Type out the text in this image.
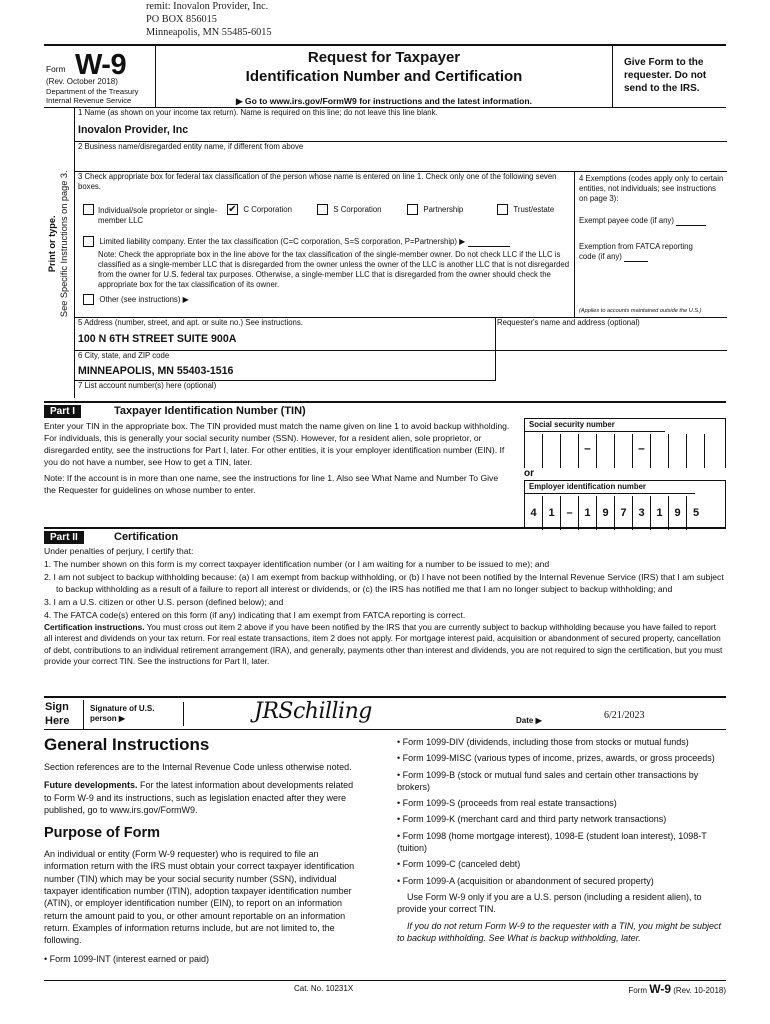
remit: Inovalon Provider, Inc.
PO BOX 856015
Minneapolis, MN 55485-6015
Form W-9
(Rev. October 2018)
Department of the Treasury
Internal Revenue Service
Request for Taxpayer
Identification Number and Certification
▶ Go to www.irs.gov/FormW9 for instructions and the latest information.
Give Form to the requester. Do not send to the IRS.
Print or type. See Specific Instructions on page 3.
1 Name (as shown on your income tax return). Name is required on this line; do not leave this line blank.
Inovalon Provider, Inc
2 Business name/disregarded entity name, if different from above
3 Check appropriate box for federal tax classification of the person whose name is entered on line 1. Check only one of the following seven boxes.
Individual/sole proprietor or single-member LLC
✔ C Corporation	S Corporation	Partnership	Trust/estate
Limited liability company. Enter the tax classification (C=C corporation, S=S corporation, P=Partnership) ▶
Note: Check the appropriate box in the line above for the tax classification of the single-member owner. Do not check LLC if the LLC is classified as a single-member LLC that is disregarded from the owner unless the owner of the LLC is another LLC that is not disregarded from the owner for U.S. federal tax purposes. Otherwise, a single-member LLC that is disregarded from the owner should check the appropriate box for the tax classification of its owner.
Other (see instructions) ▶
4 Exemptions (codes apply only to certain entities, not individuals; see instructions on page 3):
Exempt payee code (if any)
Exemption from FATCA reporting code (if any)
(Applies to accounts maintained outside the U.S.)
5 Address (number, street, and apt. or suite no.) See instructions.
100 N 6TH STREET SUITE 900A
Requester's name and address (optional)
6 City, state, and ZIP code
MINNEAPOLIS, MN 55403-1516
7 List account number(s) here (optional)
Part I	Taxpayer Identification Number (TIN)

Enter your TIN in the appropriate box. The TIN provided must match the name given on line 1 to avoid backup withholding. For individuals, this is generally your social security number (SSN). However, for a resident alien, sole proprietor, or disregarded entity, see the instructions for Part I, later. For other entities, it is your employer identification number (EIN). If you do not have a number, see How to get a TIN, later.

Note: If the account is in more than one name, see the instructions for line 1. Also see What Name and Number To Give the Requester for guidelines on whose number to enter.

Social security number
–	–
or
Employer identification number
4	1	–	1	9	7	3	1	9	5
Part II	Certification

Under penalties of perjury, I certify that:

1. The number shown on this form is my correct taxpayer identification number (or I am waiting for a number to be issued to me); and

2. I am not subject to backup withholding because: (a) I am exempt from backup withholding, or (b) I have not been notified by the Internal Revenue Service (IRS) that I am subject to backup withholding as a result of a failure to report all interest or dividends, or (c) the IRS has notified me that I am no longer subject to backup withholding; and

3. I am a U.S. citizen or other U.S. person (defined below); and

4. The FATCA code(s) entered on this form (if any) indicating that I am exempt from FATCA reporting is correct.

Certification instructions. You must cross out item 2 above if you have been notified by the IRS that you are currently subject to backup withholding because you have failed to report all interest and dividends on your tax return. For real estate transactions, item 2 does not apply. For mortgage interest paid, acquisition or abandonment of secured property, cancellation of debt, contributions to an individual retirement arrangement (IRA), and generally, payments other than interest and dividends, you are not required to sign the certification, but you must provide your correct TIN. See the instructions for Part II, later.

Sign Here
Signature of U.S. person ▶	JRSchilling	Date ▶	6/21/2023
General Instructions

Section references are to the Internal Revenue Code unless otherwise noted.

Future developments. For the latest information about developments related to Form W-9 and its instructions, such as legislation enacted after they were published, go to www.irs.gov/FormW9.

Purpose of Form

An individual or entity (Form W-9 requester) who is required to file an information return with the IRS must obtain your correct taxpayer identification number (TIN) which may be your social security number (SSN), individual taxpayer identification number (ITIN), adoption taxpayer identification number (ATIN), or employer identification number (EIN), to report on an information return the amount paid to you, or other amount reportable on an information return. Examples of information returns include, but are not limited to, the following.

• Form 1099-INT (interest earned or paid)

• Form 1099-DIV (dividends, including those from stocks or mutual funds)

• Form 1099-MISC (various types of income, prizes, awards, or gross proceeds)

• Form 1099-B (stock or mutual fund sales and certain other transactions by brokers)

• Form 1099-S (proceeds from real estate transactions)

• Form 1099-K (merchant card and third party network transactions)

• Form 1098 (home mortgage interest), 1098-E (student loan interest), 1098-T (tuition)

• Form 1099-C (canceled debt)

• Form 1099-A (acquisition or abandonment of secured property)

Use Form W-9 only if you are a U.S. person (including a resident alien), to provide your correct TIN.

If you do not return Form W-9 to the requester with a TIN, you might be subject to backup withholding. See What is backup withholding, later.

Cat. No. 10231X	Form W-9 (Rev. 10-2018)
